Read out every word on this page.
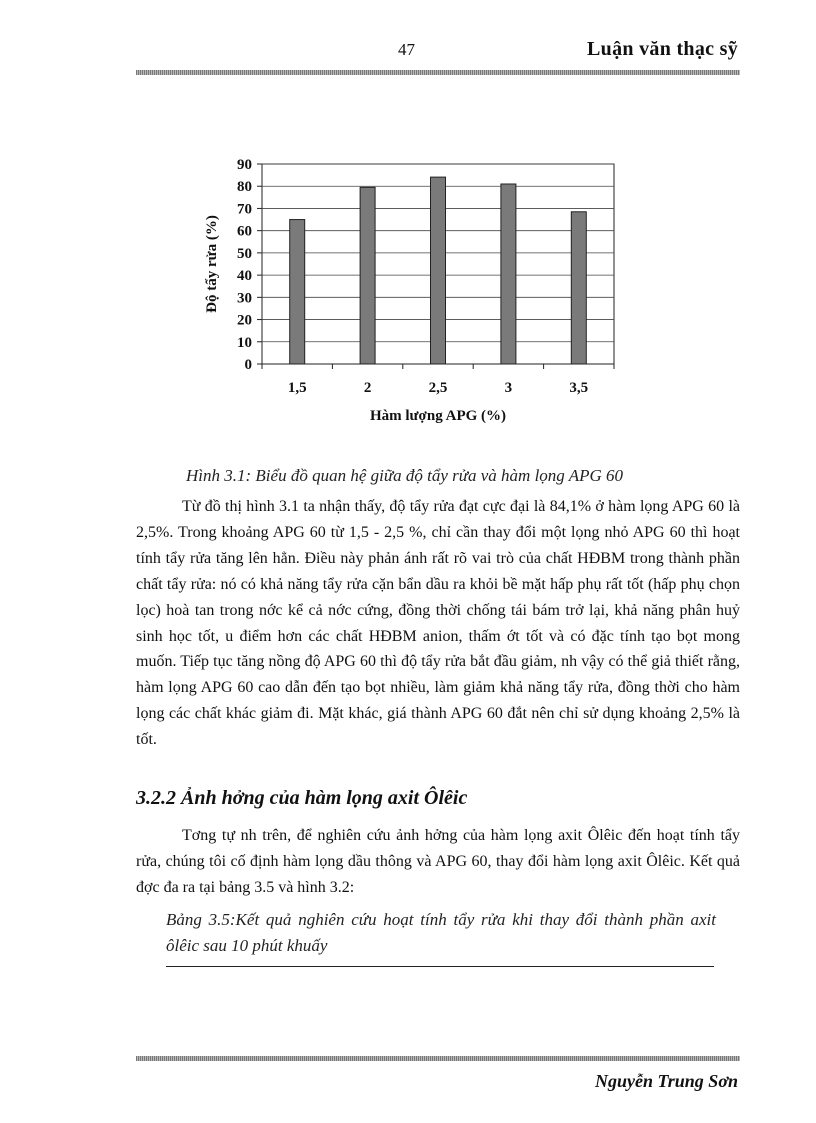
47	Luận văn thạc sỹ
0
10
20
30
40
50
60
70
80
90
1,5	2	2,5	3	3,5
Hàm lượng APG (%)
Độ tẩy rửa (%)
Hình 3.1: Biểu đồ quan hệ giữa độ tẩy rửa và hàm lọng APG 60

Từ đồ thị hình 3.1 ta nhận thấy, độ tẩy rửa đạt cực đại là 84,1% ở hàm lọng APG 60 là 2,5%. Trong khoảng APG 60 từ 1,5 - 2,5 %, chỉ cần thay đổi một lọng nhỏ APG 60 thì hoạt tính tẩy rửa tăng lên hẳn. Điều này phản ánh rất rõ vai trò của chất HĐBM trong thành phần chất tẩy rửa: nó có khả năng tẩy rửa cặn bẩn dầu ra khỏi bề mặt hấp phụ rất tốt (hấp phụ chọn lọc) hoà tan trong nớc kể cả nớc cứng, đồng thời chống tái bám trở lại, khả năng phân huỷ sinh học tốt, u điểm hơn các chất HĐBM anion, thấm ớt tốt và có đặc tính tạo bọt mong muốn. Tiếp tục tăng nồng độ APG 60 thì độ tẩy rửa bắt đầu giảm, nh vậy có thể giả thiết rằng, hàm lọng APG 60 cao dẫn đến tạo bọt nhiều, làm giảm khả năng tẩy rửa, đồng thời cho hàm lọng các chất khác giảm đi. Mặt khác, giá thành APG 60 đắt nên chỉ sử dụng khoảng 2,5% là tốt.

3.2.2 Ảnh hởng của hàm lọng axit Ôlêic

Tơng tự nh trên, để nghiên cứu ảnh hởng của hàm lọng axit Ôlêic đến hoạt tính tẩy rửa, chúng tôi cố định hàm lọng dầu thông và APG 60, thay đổi hàm lọng axit Ôlêic. Kết quả đợc đa ra tại bảng 3.5 và hình 3.2:

Bảng 3.5:Kết quả nghiên cứu hoạt tính tẩy rửa khi thay đổi thành phần axit ôlêic sau 10 phút khuấy
Nguyễn Trung Sơn
